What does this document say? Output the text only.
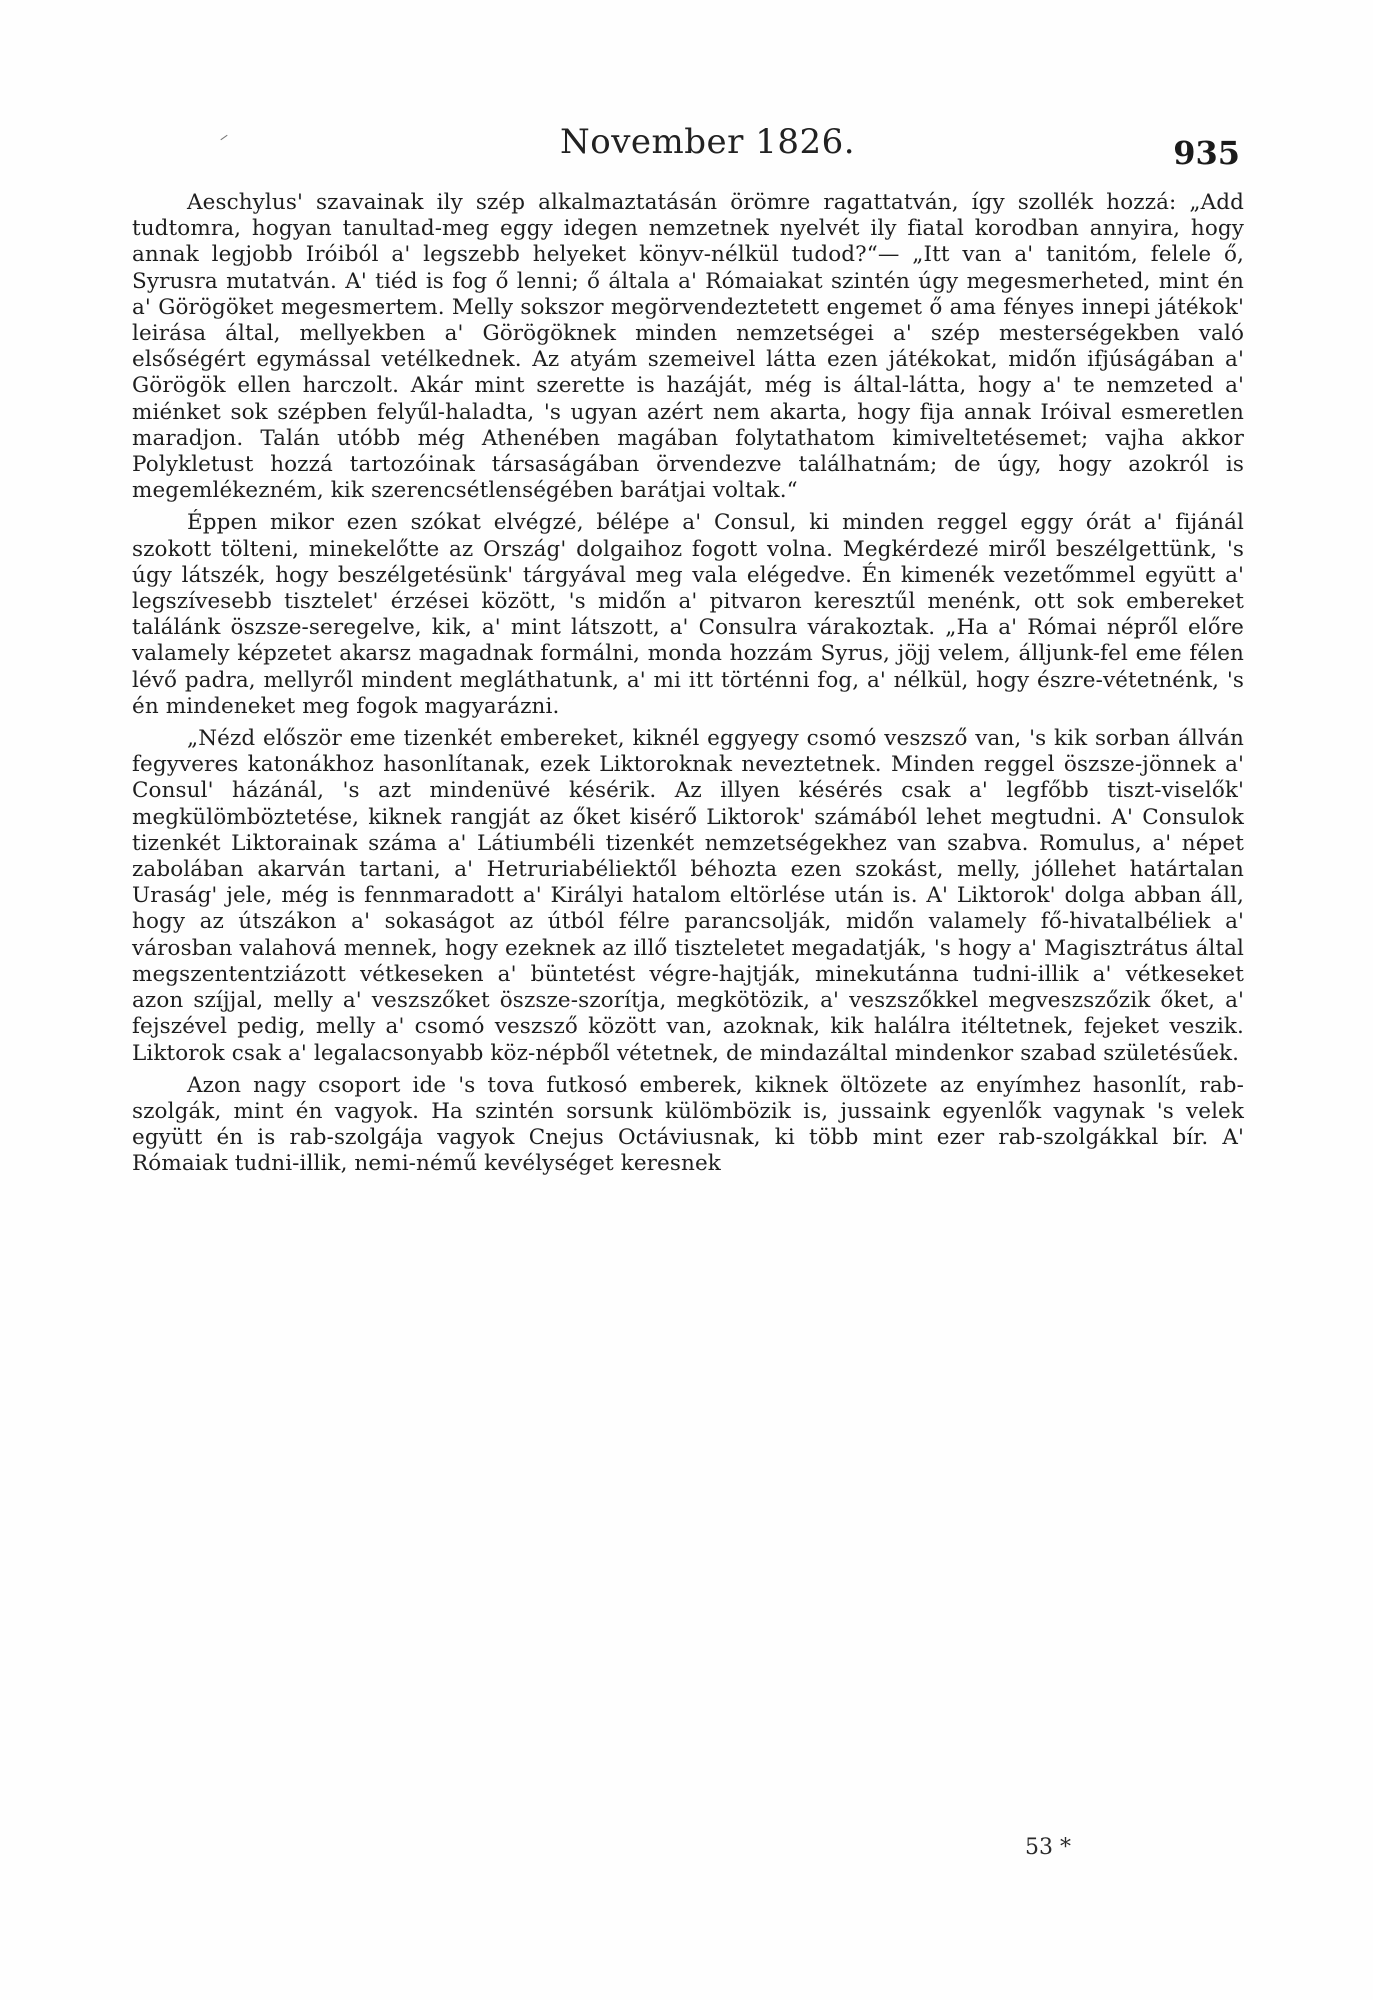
November 1826.	935

Aeschylus' szavainak ily szép alkalmaztatásán örömre ragattatván, így szollék hozzá: „Add tudtomra, hogyan tanultad-meg eggy idegen nemzetnek nyelvét ily fiatal korodban annyira, hogy annak legjobb Iróiból a' legszebb helyeket könyv-nélkül tudod?“— „Itt van a' tanitóm, felele ő, Syrusra mutatván. A' tiéd is fog ő lenni; ő általa a' Rómaiakat szintén úgy megesmerheted, mint én a' Görögöket megesmertem. Melly sokszor megörvendeztetett engemet ő ama fényes innepi játékok' leirása által, mellyekben a' Görögöknek minden nemzetségei a' szép mesterségekben való elsőségért egymással vetélkednek. Az atyám szemeivel látta ezen játékokat, midőn ifjúságában a' Görögök ellen harczolt. Akár mint szerette is hazáját, még is által-látta, hogy a' te nemzeted a' miénket sok szépben felyűl-haladta, 's ugyan azért nem akarta, hogy fija annak Iróival esmeretlen maradjon. Talán utóbb még Athenében magában folytathatom kimiveltetésemet; vajha akkor Polykletust hozzá tartozóinak társaságában örvendezve találhatnám; de úgy, hogy azokról is megemlékezném, kik szerencsétlenségében barátjai voltak.“

Éppen mikor ezen szókat elvégzé, bélépe a' Consul, ki minden reggel eggy órát a' fijánál szokott tölteni, minekelőtte az Ország' dolgaihoz fogott volna. Megkérdezé miről beszélgettünk, 's úgy látszék, hogy beszélgetésünk' tárgyával meg vala elégedve. Én kimenék vezetőmmel együtt a' legszívesebb tisztelet' érzései között, 's midőn a' pitvaron keresztűl menénk, ott sok embereket találánk öszsze-seregelve, kik, a' mint látszott, a' Consulra várakoztak. „Ha a' Római népről előre valamely képzetet akarsz magadnak formálni, monda hozzám Syrus, jöjj velem, álljunk-fel eme félen lévő padra, mellyről mindent megláthatunk, a' mi itt történni fog, a' nélkül, hogy észre-vétetnénk, 's én mindeneket meg fogok magyarázni.

„Nézd először eme tizenkét embereket, kiknél eggyegy csomó veszsző van, 's kik sorban állván fegyveres katonákhoz hasonlítanak, ezek Liktoroknak neveztetnek. Minden reggel öszsze-jönnek a' Consul' házánál, 's azt mindenüvé késérik. Az illyen késérés csak a' legfőbb tiszt-viselők' megkülömböztetése, kiknek rangját az őket kisérő Liktorok' számából lehet megtudni. A' Consulok tizenkét Liktorainak száma a' Látiumbéli tizenkét nemzetségekhez van szabva. Romulus, a' népet zabolában akarván tartani, a' Hetruriabéliektől béhozta ezen szokást, melly, jóllehet határtalan Uraság' jele, még is fennmaradott a' Királyi hatalom eltörlése után is. A' Liktorok' dolga abban áll, hogy az útszákon a' sokaságot az útból félre parancsolják, midőn valamely fő-hivatalbéliek a' városban valahová mennek, hogy ezeknek az illő tiszteletet megadatják, 's hogy a' Magisztrátus által megszententziázott vétkeseken a' büntetést végre-hajtják, minekutánna tudni-illik a' vétkeseket azon szíjjal, melly a' veszszőket öszsze-szorítja, megkötözik, a' veszszőkkel megveszszőzik őket, a' fejszével pedig, melly a' csomó veszsző között van, azoknak, kik halálra itéltetnek, fejeket veszik. Liktorok csak a' legalacsonyabb köz-népből vétetnek, de mindazáltal mindenkor szabad születésűek.

Azon nagy csoport ide 's tova futkosó emberek, kiknek öltözete az enyímhez hasonlít, rab-szolgák, mint én vagyok. Ha szintén sorsunk külömbözik is, jussaink egyenlők vagynak 's velek együtt én is rab-szolgája vagyok Cnejus Octáviusnak, ki több mint ezer rab-szolgákkal bír. A' Rómaiak tudni-illik, nemi-némű kevélységet keresnek

53 *
